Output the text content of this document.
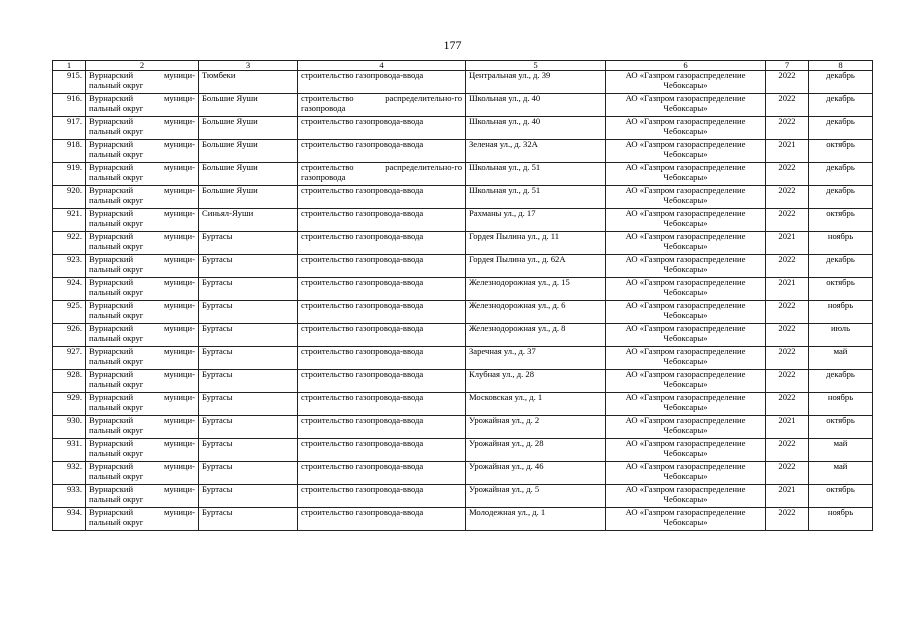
177
1	2	3	4	5	6	7	8
915.	Вурнарский муници-пальный округ	Тюмбеки	строительство газопровода-ввода	Центральная ул., д. 39	АО «Газпром газораспределение Чебоксары»	2022	декабрь
916.	Вурнарский муници-пальный округ	Большие Яуши	строительство распределительно-го газопровода	Школьная ул., д. 40	АО «Газпром газораспределение Чебоксары»	2022	декабрь
917.	Вурнарский муници-пальный округ	Большие Яуши	строительство газопровода-ввода	Школьная ул., д. 40	АО «Газпром газораспределение Чебоксары»	2022	декабрь
918.	Вурнарский муници-пальный округ	Большие Яуши	строительство газопровода-ввода	Зеленая ул., д. 32А	АО «Газпром газораспределение Чебоксары»	2021	октябрь
919.	Вурнарский муници-пальный округ	Большие Яуши	строительство распределительно-го газопровода	Школьная ул., д. 51	АО «Газпром газораспределение Чебоксары»	2022	декабрь
920.	Вурнарский муници-пальный округ	Большие Яуши	строительство газопровода-ввода	Школьная ул., д. 51	АО «Газпром газораспределение Чебоксары»	2022	декабрь
921.	Вурнарский муници-пальный округ	Синьял-Яуши	строительство газопровода-ввода	Рахманы ул., д. 17	АО «Газпром газораспределение Чебоксары»	2022	октябрь
922.	Вурнарский муници-пальный округ	Буртасы	строительство газопровода-ввода	Гордея Пылина ул., д. 11	АО «Газпром газораспределение Чебоксары»	2021	ноябрь
923.	Вурнарский муници-пальный округ	Буртасы	строительство газопровода-ввода	Гордея Пылина ул., д. 62А	АО «Газпром газораспределение Чебоксары»	2022	декабрь
924.	Вурнарский муници-пальный округ	Буртасы	строительство газопровода-ввода	Железнодорожная ул., д. 15	АО «Газпром газораспределение Чебоксары»	2021	октябрь
925.	Вурнарский муници-пальный округ	Буртасы	строительство газопровода-ввода	Железнодорожная ул., д. 6	АО «Газпром газораспределение Чебоксары»	2022	ноябрь
926.	Вурнарский муници-пальный округ	Буртасы	строительство газопровода-ввода	Железнодорожная ул., д. 8	АО «Газпром газораспределение Чебоксары»	2022	июль
927.	Вурнарский муници-пальный округ	Буртасы	строительство газопровода-ввода	Заречная ул., д. 37	АО «Газпром газораспределение Чебоксары»	2022	май
928.	Вурнарский муници-пальный округ	Буртасы	строительство газопровода-ввода	Клубная ул., д. 28	АО «Газпром газораспределение Чебоксары»	2022	декабрь
929.	Вурнарский муници-пальный округ	Буртасы	строительство газопровода-ввода	Московская ул., д. 1	АО «Газпром газораспределение Чебоксары»	2022	ноябрь
930.	Вурнарский муници-пальный округ	Буртасы	строительство газопровода-ввода	Урожайная ул., д. 2	АО «Газпром газораспределение Чебоксары»	2021	октябрь
931.	Вурнарский муници-пальный округ	Буртасы	строительство газопровода-ввода	Урожайная ул., д. 28	АО «Газпром газораспределение Чебоксары»	2022	май
932.	Вурнарский муници-пальный округ	Буртасы	строительство газопровода-ввода	Урожайная ул., д. 46	АО «Газпром газораспределение Чебоксары»	2022	май
933.	Вурнарский муници-пальный округ	Буртасы	строительство газопровода-ввода	Урожайная ул., д. 5	АО «Газпром газораспределение Чебоксары»	2021	октябрь
934.	Вурнарский муници-пальный округ	Буртасы	строительство газопровода-ввода	Молодежная ул., д. 1	АО «Газпром газораспределение Чебоксары»	2022	ноябрь
